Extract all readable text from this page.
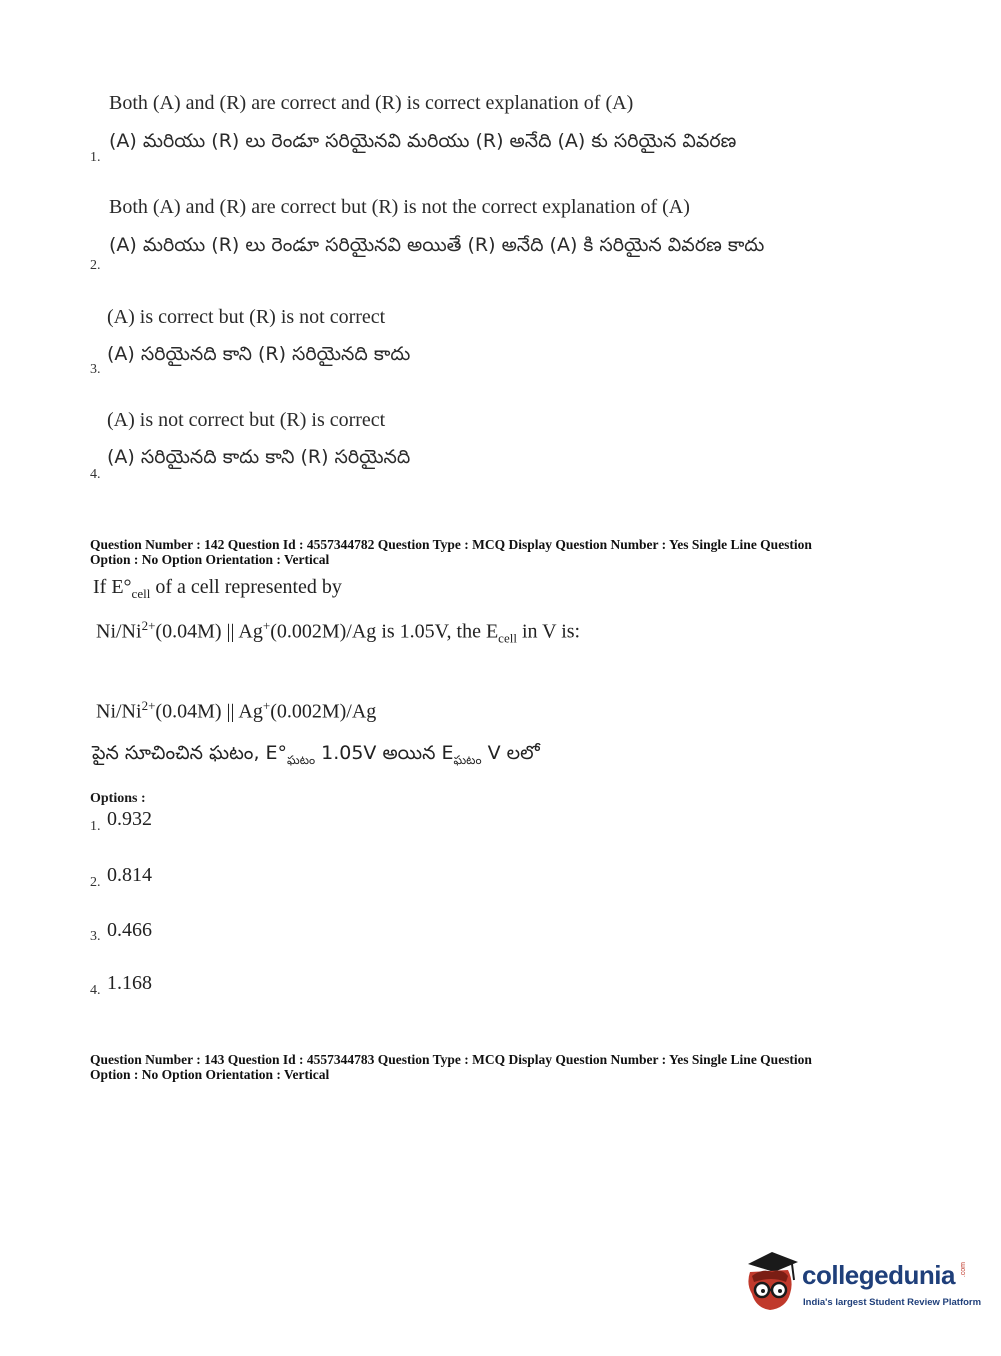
Both (A) and (R) are correct and (R) is correct explanation of (A)
(A) మరియు (R) లు రెండూ సరియైనవి మరియు (R) అనేది (A) కు సరియైన వివరణ
1.
Both (A) and (R) are correct but (R) is not the correct explanation of (A)
(A) మరియు (R) లు రెండూ సరియైనవి అయితే (R) అనేది (A) కి సరియైన వివరణ కాదు
2.
(A) is correct but (R) is not correct
(A) సరియైనది కాని (R) సరియైనది కాదు
3.
(A) is not correct but (R) is correct
(A) సరియైనది కాదు కాని (R) సరియైనది
4.
Question Number : 142 Question Id : 4557344782 Question Type : MCQ Display Question Number : Yes Single Line Question
Option : No Option Orientation : Vertical
If $E^\circ_{cell}$ of a cell represented by
$Ni/Ni^{2+}(0.04M)$ || Ag+(0.002M)/Ag is 1.05V, the $E_{cell}$ in V is:
$Ni/Ni^{2+}(0.04M)$ || Ag+(0.002M)/Ag
పైన సూచించిన ఘటం, $E^\circ_{ఘటం}$ 1.05V అయిన $E_{ఘటం}$ V లలో
Options :
1. 0.932
2. 0.814
3. 0.466
4. 1.168
Question Number : 143 Question Id : 4557344783 Question Type : MCQ Display Question Number : Yes Single Line Question
Option : No Option Orientation : Vertical
collegedunia .com
India's largest Student Review Platform
